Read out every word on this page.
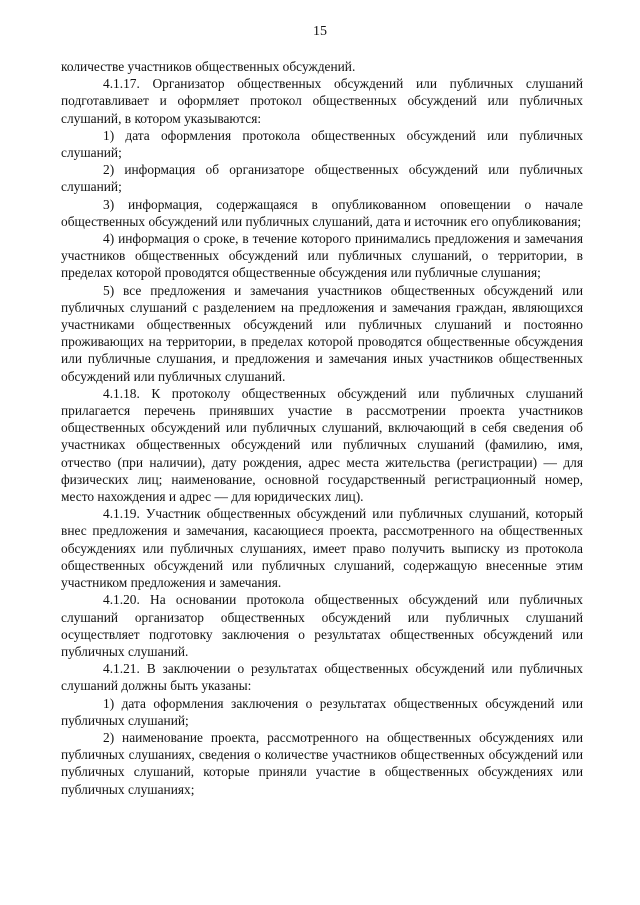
15

количестве участников общественных обсуждений.

4.1.17. Организатор общественных обсуждений или публичных слушаний подготавливает и оформляет протокол общественных обсуждений или публичных слушаний, в котором указываются:

1) дата оформления протокола общественных обсуждений или публичных слушаний;

2) информация об организаторе общественных обсуждений или публичных слушаний;

3) информация, содержащаяся в опубликованном оповещении о начале общественных обсуждений или публичных слушаний, дата и источник его опубликования;

4) информация о сроке, в течение которого принимались предложения и замечания участников общественных обсуждений или публичных слушаний, о территории, в пределах которой проводятся общественные обсуждения или публичные слушания;

5) все предложения и замечания участников общественных обсуждений или публичных слушаний с разделением на предложения и замечания граждан, являющихся участниками общественных обсуждений или публичных слушаний и постоянно проживающих на территории, в пределах которой проводятся общественные обсуждения или публичные слушания, и предложения и замечания иных участников общественных обсуждений или публичных слушаний.

4.1.18. К протоколу общественных обсуждений или публичных слушаний прилагается перечень принявших участие в рассмотрении проекта участников общественных обсуждений или публичных слушаний, включающий в себя сведения об участниках общественных обсуждений или публичных слушаний (фамилию, имя, отчество (при наличии), дату рождения, адрес места жительства (регистрации) — для физических лиц; наименование, основной государственный регистрационный номер, место нахождения и адрес — для юридических лиц).

4.1.19. Участник общественных обсуждений или публичных слушаний, который внес предложения и замечания, касающиеся проекта, рассмотренного на общественных обсуждениях или публичных слушаниях, имеет право получить выписку из протокола общественных обсуждений или публичных слушаний, содержащую внесенные этим участником предложения и замечания.

4.1.20. На основании протокола общественных обсуждений или публичных слушаний организатор общественных обсуждений или публичных слушаний осуществляет подготовку заключения о результатах общественных обсуждений или публичных слушаний.

4.1.21. В заключении о результатах общественных обсуждений или публичных слушаний должны быть указаны:

1) дата оформления заключения о результатах общественных обсуждений или публичных слушаний;

2) наименование проекта, рассмотренного на общественных обсуждениях или публичных слушаниях, сведения о количестве участников общественных обсуждений или публичных слушаний, которые приняли участие в общественных обсуждениях или публичных слушаниях;
